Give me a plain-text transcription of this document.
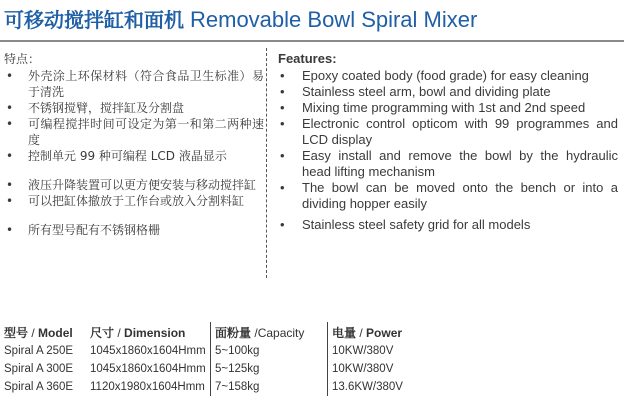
可移动搅拌缸和面机 Removable Bowl Spiral Mixer
特点：
• 外壳涂上环保材料（符合食品卫生标准）易于清洗
• 不锈钢搅臂，搅拌缸及分割盘
• 可编程搅拌时间可设定为第一和第二两种速度
• 控制单元 99 种可编程 LCD 液晶显示
• 液压升降装置可以更方便安装与移动搅拌缸
• 可以把缸体撤放于工作台或放入分割料缸
• 所有型号配有不锈钢格栅
Features:
• Epoxy coated body (food grade) for easy cleaning
• Stainless steel arm, bowl and dividing plate
• Mixing time programming with 1st and 2nd speed
• Electronic control opticom with 99 programmes and LCD display
• Easy install and remove the bowl by the hydraulic head lifting mechanism
• The bowl can be moved onto the bench or into a dividing hopper easily
• Stainless steel safety grid for all models
型号 / Model	尺寸 / Dimension	面粉量 /Capacity	电量 / Power
Spiral A 250E	1045x1860x1604Hmm	5~100kg	10KW/380V
Spiral A 300E	1045x1860x1604Hmm	5~125kg	10KW/380V
Spiral A 360E	1120x1980x1604Hmm	7~158kg	13.6KW/380V
